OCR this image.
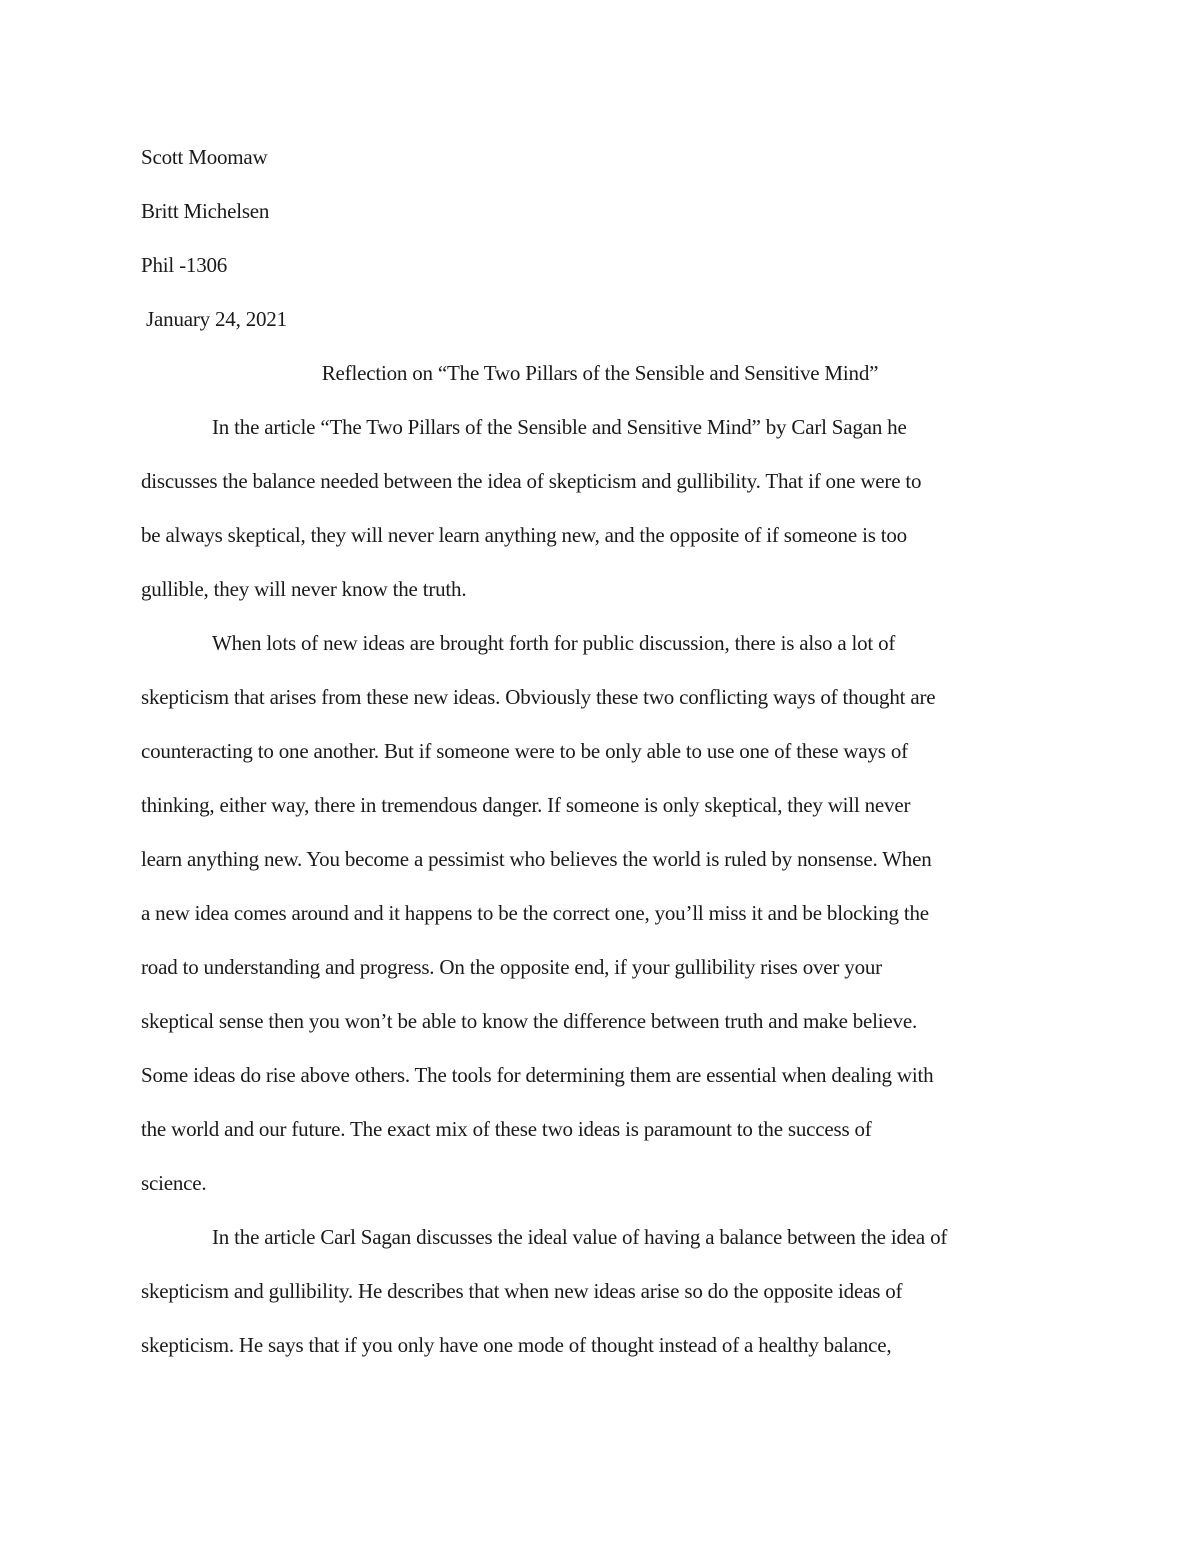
Scott Moomaw
Britt Michelsen
Phil -1306
January 24, 2021
Reflection on “The Two Pillars of the Sensible and Sensitive Mind”
In the article “The Two Pillars of the Sensible and Sensitive Mind” by Carl Sagan he
discusses the balance needed between the idea of skepticism and gullibility. That if one were to
be always skeptical, they will never learn anything new, and the opposite of if someone is too
gullible, they will never know the truth.
When lots of new ideas are brought forth for public discussion, there is also a lot of
skepticism that arises from these new ideas. Obviously these two conflicting ways of thought are
counteracting to one another. But if someone were to be only able to use one of these ways of
thinking, either way, there in tremendous danger. If someone is only skeptical, they will never
learn anything new. You become a pessimist who believes the world is ruled by nonsense. When
a new idea comes around and it happens to be the correct one, you’ll miss it and be blocking the
road to understanding and progress. On the opposite end, if your gullibility rises over your
skeptical sense then you won’t be able to know the difference between truth and make believe.
Some ideas do rise above others. The tools for determining them are essential when dealing with
the world and our future. The exact mix of these two ideas is paramount to the success of
science.
In the article Carl Sagan discusses the ideal value of having a balance between the idea of
skepticism and gullibility. He describes that when new ideas arise so do the opposite ideas of
skepticism. He says that if you only have one mode of thought instead of a healthy balance,
